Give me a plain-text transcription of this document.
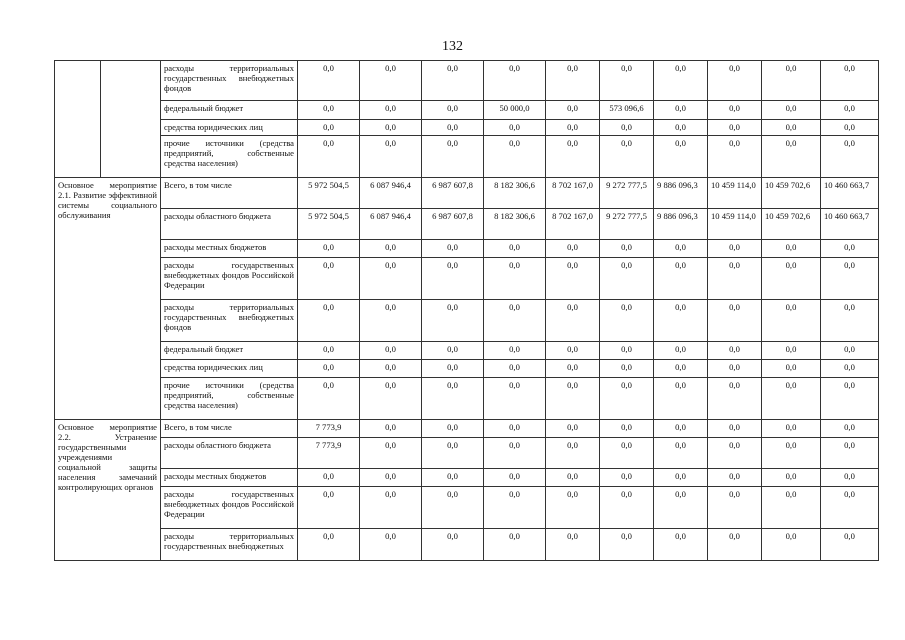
132
		расходы территориальных государственных внебюджетных фондов	0,0	0,0	0,0	0,0	0,0	0,0	0,0	0,0	0,0	0,0
		федеральный бюджет	0,0	0,0	0,0	50 000,0	0,0	573 096,6	0,0	0,0	0,0	0,0
		средства юридических лиц	0,0	0,0	0,0	0,0	0,0	0,0	0,0	0,0	0,0	0,0
		прочие источники (средства предприятий, собственные средства населения)	0,0	0,0	0,0	0,0	0,0	0,0	0,0	0,0	0,0	0,0
Основное мероприятие 2.1. Развитие эффективной системы социального обслуживания		Всего, в том числе	5 972 504,5	6 087 946,4	6 987 607,8	8 182 306,6	8 702 167,0	9 272 777,5	9 886 096,3	10 459 114,0	10 459 702,6	10 460 663,7
		расходы областного бюджета	5 972 504,5	6 087 946,4	6 987 607,8	8 182 306,6	8 702 167,0	9 272 777,5	9 886 096,3	10 459 114,0	10 459 702,6	10 460 663,7
		расходы местных бюджетов	0,0	0,0	0,0	0,0	0,0	0,0	0,0	0,0	0,0	0,0
		расходы государственных внебюджетных фондов Российской Федерации	0,0	0,0	0,0	0,0	0,0	0,0	0,0	0,0	0,0	0,0
		расходы территориальных государственных внебюджетных фондов	0,0	0,0	0,0	0,0	0,0	0,0	0,0	0,0	0,0	0,0
		федеральный бюджет	0,0	0,0	0,0	0,0	0,0	0,0	0,0	0,0	0,0	0,0
		средства юридических лиц	0,0	0,0	0,0	0,0	0,0	0,0	0,0	0,0	0,0	0,0
		прочие источники (средства предприятий, собственные средства населения)	0,0	0,0	0,0	0,0	0,0	0,0	0,0	0,0	0,0	0,0
Основное мероприятие 2.2. Устранение государственными учреждениями социальной защиты населения замечаний контролирующих органов		Всего, в том числе	7 773,9	0,0	0,0	0,0	0,0	0,0	0,0	0,0	0,0	0,0
		расходы областного бюджета	7 773,9	0,0	0,0	0,0	0,0	0,0	0,0	0,0	0,0	0,0
		расходы местных бюджетов	0,0	0,0	0,0	0,0	0,0	0,0	0,0	0,0	0,0	0,0
		расходы государственных внебюджетных фондов Российской Федерации	0,0	0,0	0,0	0,0	0,0	0,0	0,0	0,0	0,0	0,0
		расходы территориальных государственных внебюджетных	0,0	0,0	0,0	0,0	0,0	0,0	0,0	0,0	0,0	0,0
